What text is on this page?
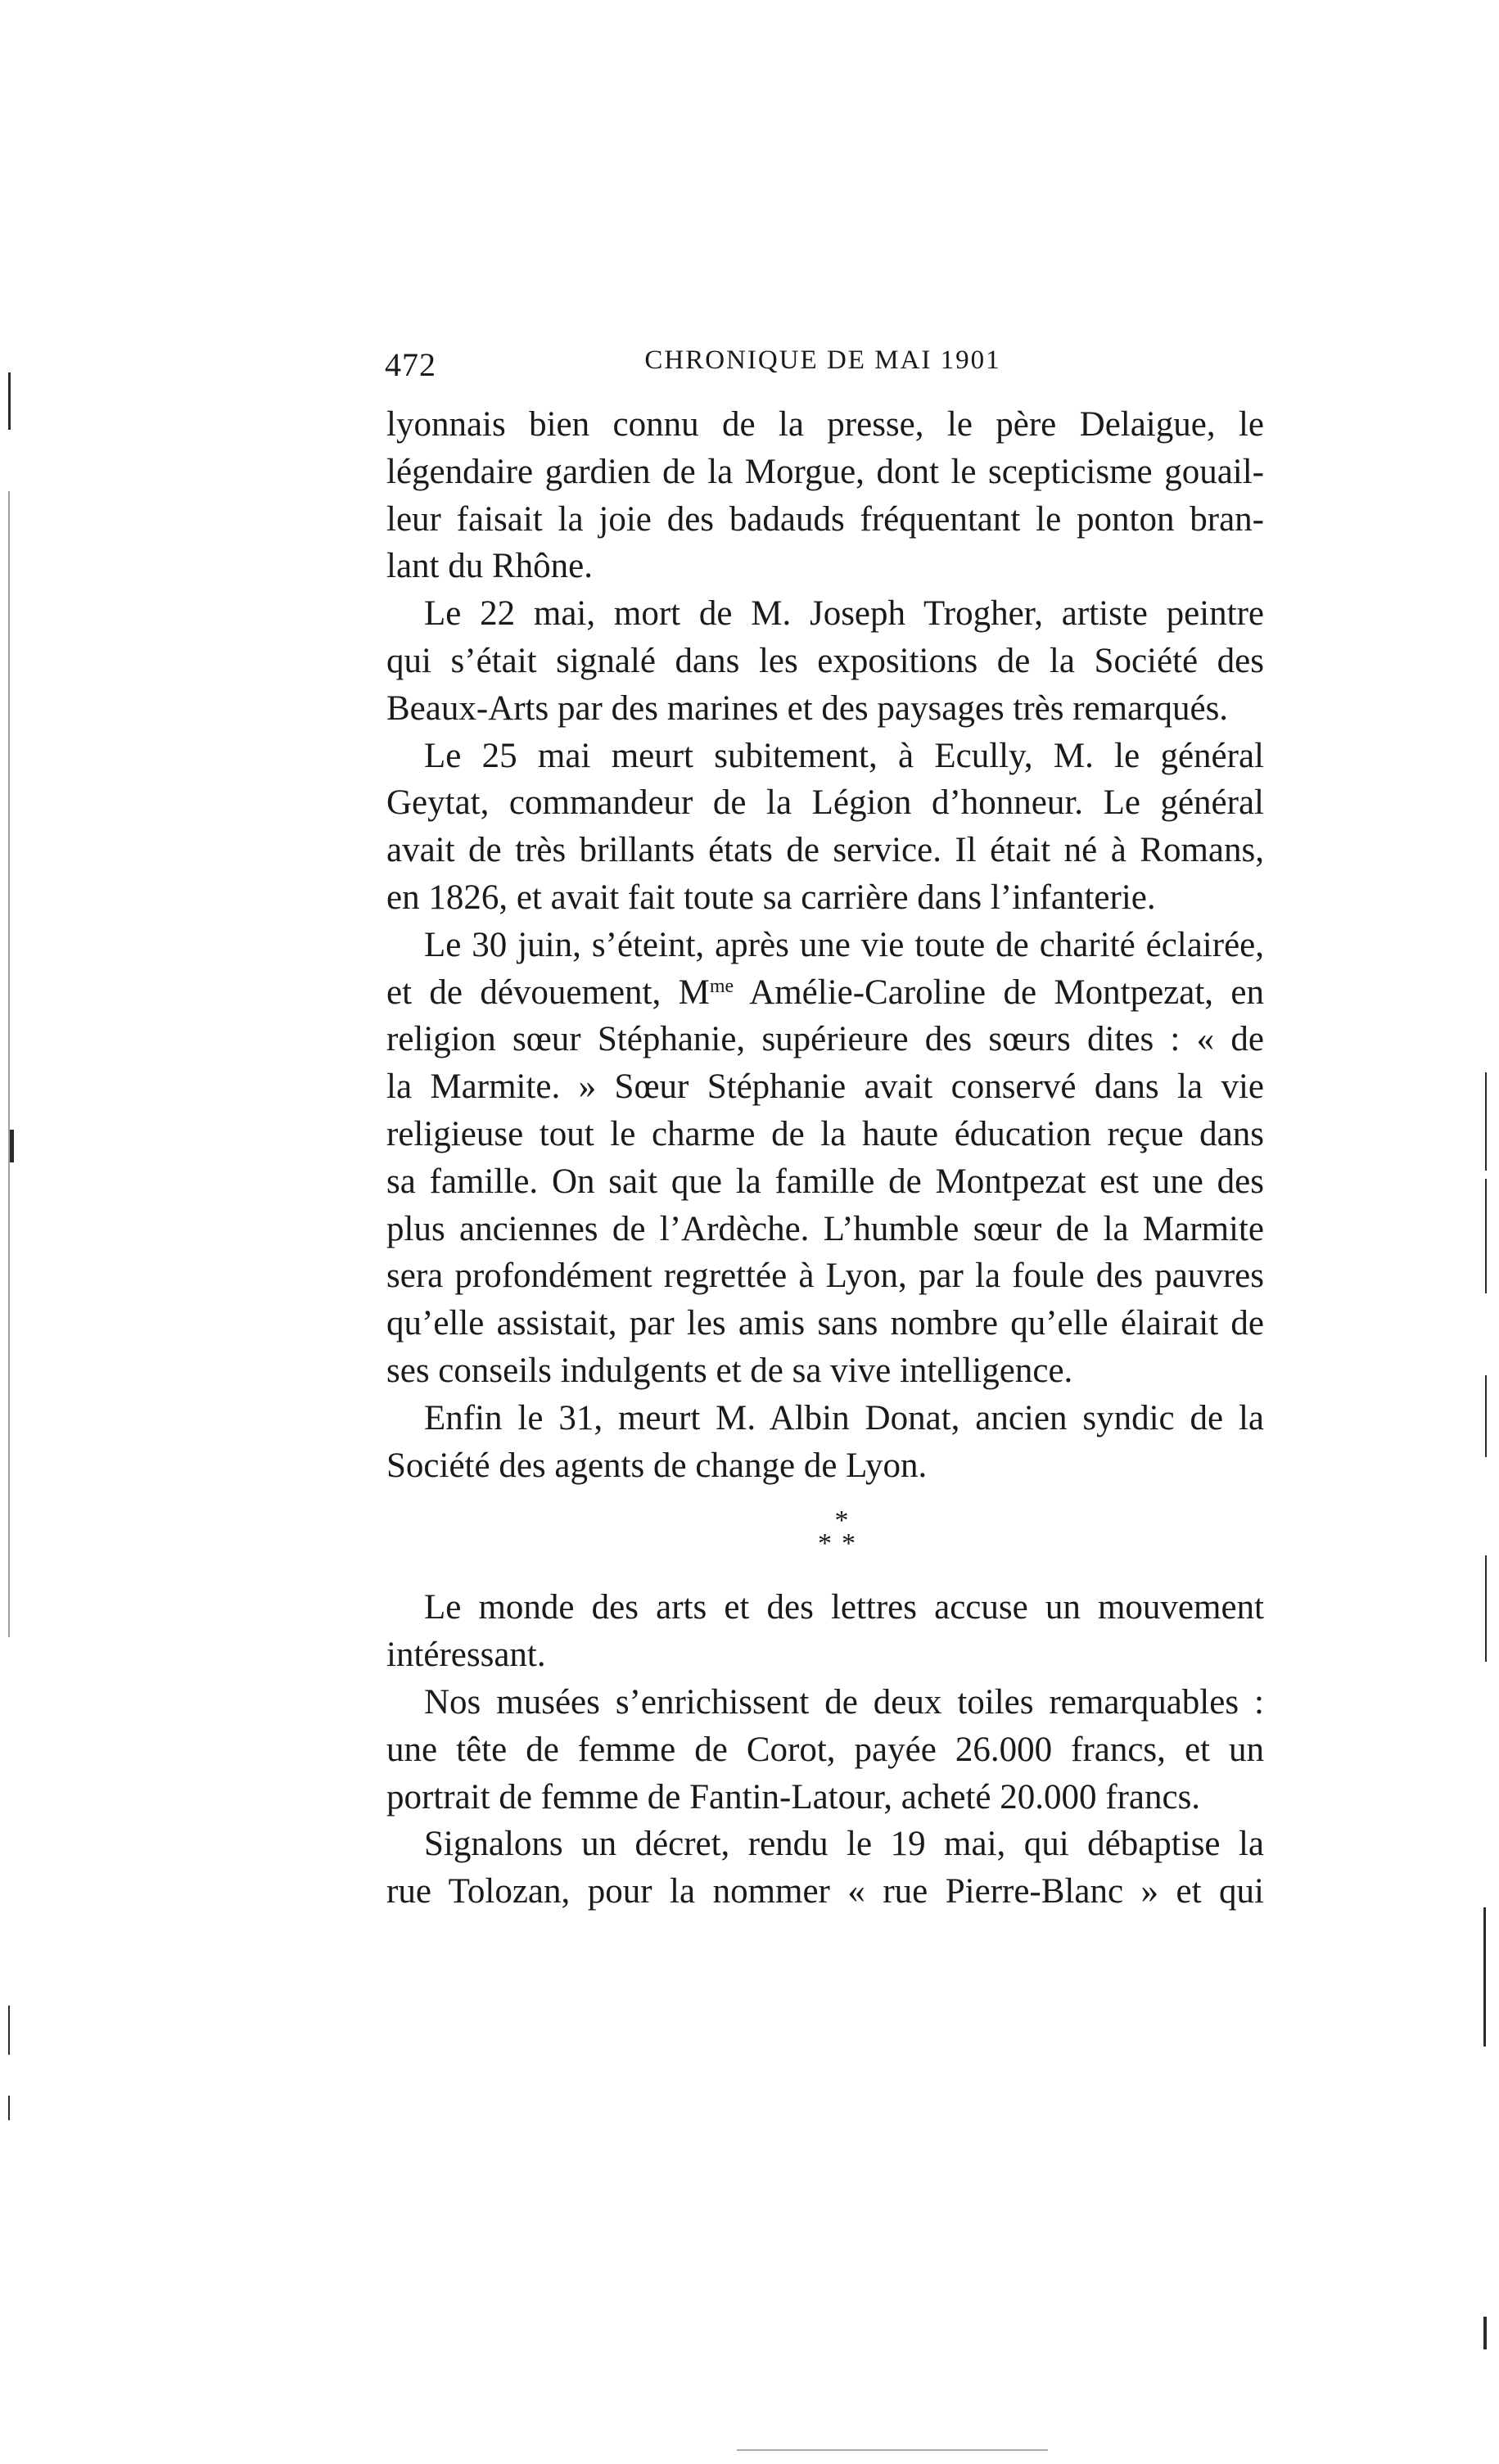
472	CHRONIQUE DE MAI 1901
lyonnais bien connu de la presse, le père Delaigue, le
légendaire gardien de la Morgue, dont le scepticisme gouail-
leur faisait la joie des badauds fréquentant le ponton bran-
lant du Rhône.
Le 22 mai, mort de M. Joseph Trogher, artiste peintre
qui s’était signalé dans les expositions de la Société des
Beaux-Arts par des marines et des paysages très remarqués.
Le 25 mai meurt subitement, à Ecully, M. le général
Geytat, commandeur de la Légion d’honneur. Le général
avait de très brillants états de service. Il était né à Romans,
en 1826, et avait fait toute sa carrière dans l’infanterie.
Le 30 juin, s’éteint, après une vie toute de charité éclairée,
et de dévouement, $M^{me}$ Amélie-Caroline de Montpezat, en
religion sœur Stéphanie, supérieure des sœurs dites : « de
la Marmite. » Sœur Stéphanie avait conservé dans la vie
religieuse tout le charme de la haute éducation reçue dans
sa famille. On sait que la famille de Montpezat est une des
plus anciennes de l’Ardèche. L’humble sœur de la Marmite
sera profondément regrettée à Lyon, par la foule des pauvres
qu’elle assistait, par les amis sans nombre qu’elle élairait de
ses conseils indulgents et de sa vive intelligence.
Enfin le 31, meurt M. Albin Donat, ancien syndic de la
Société des agents de change de Lyon.
*
**
Le monde des arts et des lettres accuse un mouvement
intéressant.
Nos musées s’enrichissent de deux toiles remarquables :
une tête de femme de Corot, payée 26.000 francs, et un
portrait de femme de Fantin-Latour, acheté 20.000 francs.
Signalons un décret, rendu le 19 mai, qui débaptise la
rue Tolozan, pour la nommer « rue Pierre-Blanc » et qui
